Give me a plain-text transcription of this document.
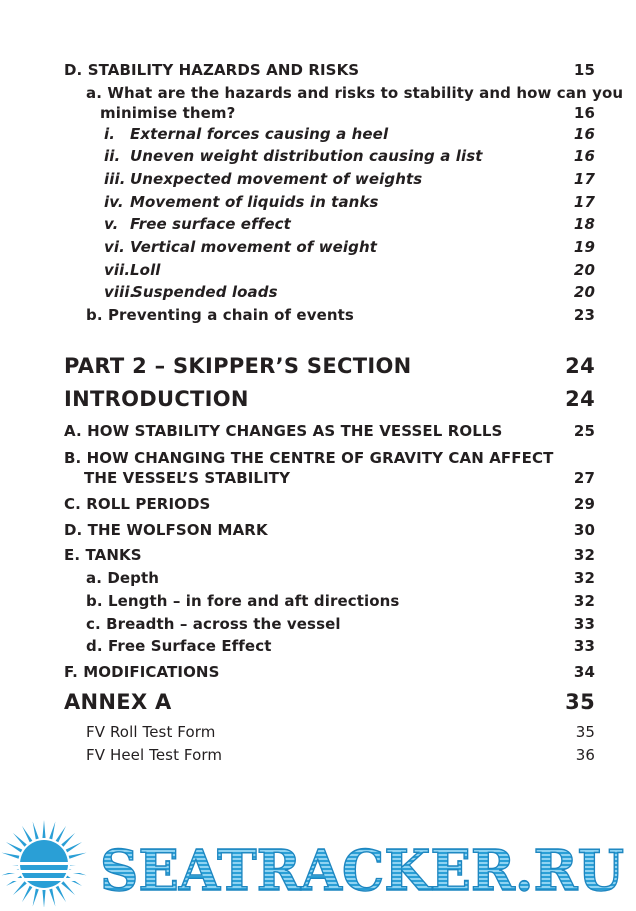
D. STABILITY HAZARDS AND RISKS	15
a. What are the hazards and risks to stability and how can you
minimise them?	16
i. External forces causing a heel	16
ii. Uneven weight distribution causing a list	16
iii. Unexpected movement of weights	17
iv. Movement of liquids in tanks	17
v. Free surface effect	18
vi. Vertical movement of weight	19
vii.Loll	20
viii.Suspended loads	20
b. Preventing a chain of events	23
PART 2 – SKIPPER’S SECTION	24
INTRODUCTION	24
A. HOW STABILITY CHANGES AS THE VESSEL ROLLS	25
B. HOW CHANGING THE CENTRE OF GRAVITY CAN AFFECT
THE VESSEL’S STABILITY	27
C. ROLL PERIODS	29
D. THE WOLFSON MARK	30
E. TANKS	32
a. Depth	32
b. Length – in fore and aft directions	32
c. Breadth – across the vessel	33
d. Free Surface Effect	33
F. MODIFICATIONS	34
ANNEX A	35
FV Roll Test Form	35
FV Heel Test Form	36
SEATRACKER.RU
